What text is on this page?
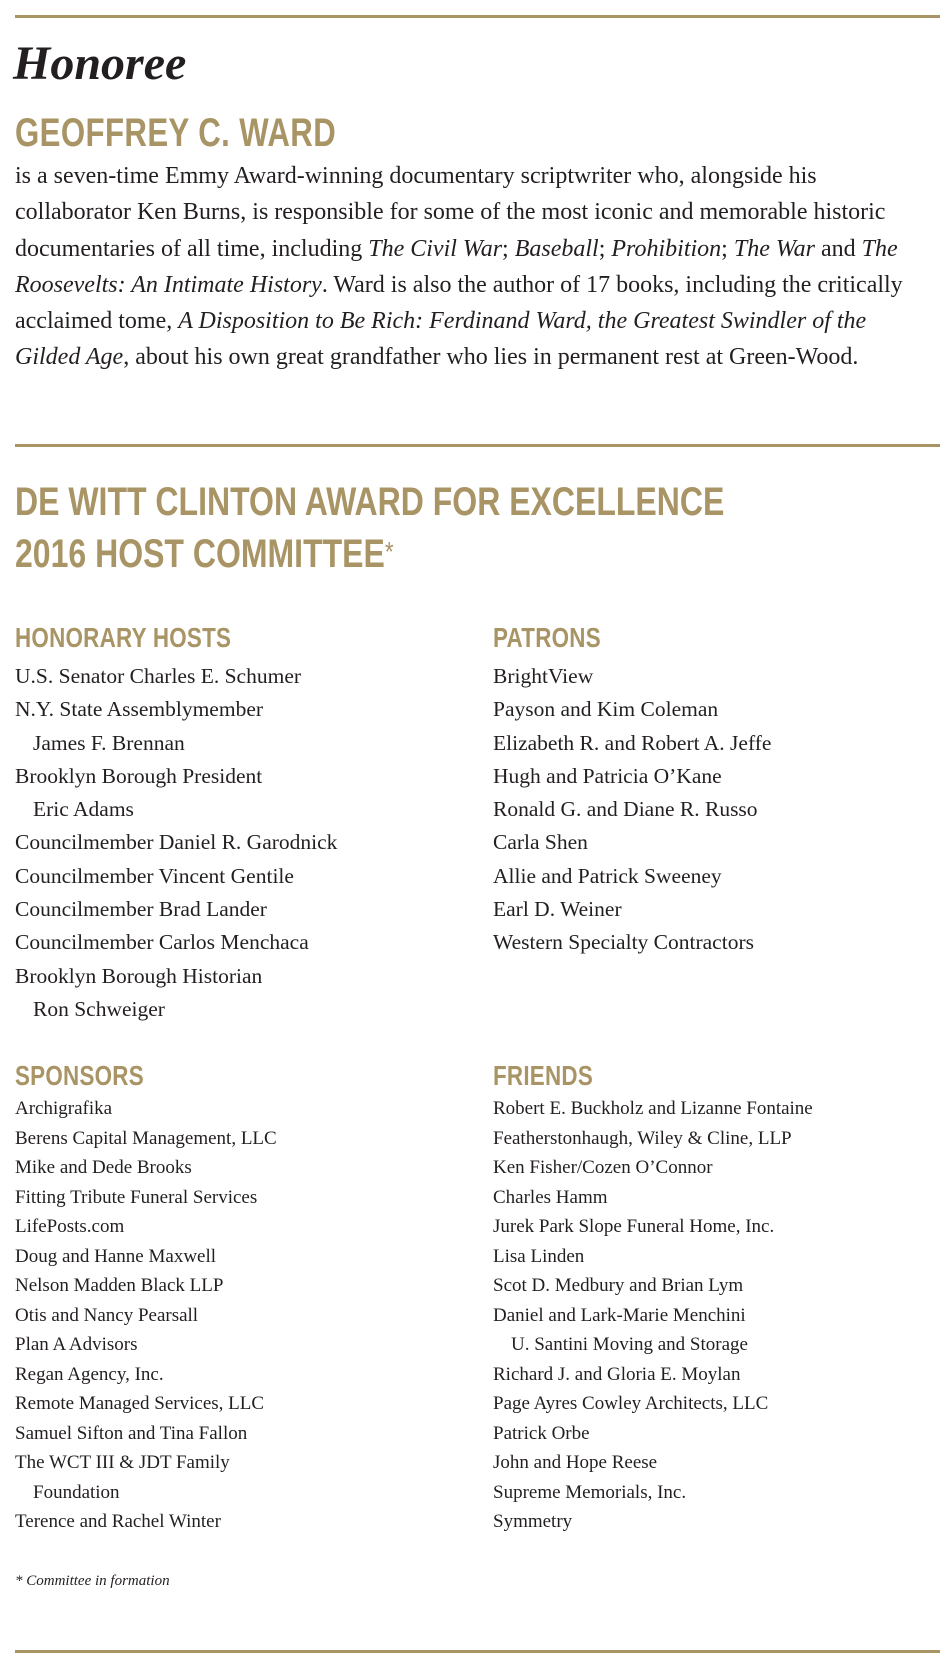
Honoree
GEOFFREY C. WARD

is a seven-time Emmy Award-winning documentary scriptwriter who, alongside his collaborator Ken Burns, is responsible for some of the most iconic and memorable historic documentaries of all time, including The Civil War; Baseball; Prohibition; The War and The Roosevelts: An Intimate History. Ward is also the author of 17 books, including the critically acclaimed tome, A Disposition to Be Rich: Ferdinand Ward, the Greatest Swindler of the Gilded Age, about his own great grandfather who lies in permanent rest at Green-Wood.

DE WITT CLINTON AWARD FOR EXCELLENCE
2016 HOST COMMITTEE*
HONORARY HOSTS
U.S. Senator Charles E. Schumer
N.Y. State Assemblymember
James F. Brennan
Brooklyn Borough President
Eric Adams
Councilmember Daniel R. Garodnick
Councilmember Vincent Gentile
Councilmember Brad Lander
Councilmember Carlos Menchaca
Brooklyn Borough Historian
Ron Schweiger
PATRONS
BrightView
Payson and Kim Coleman
Elizabeth R. and Robert A. Jeffe
Hugh and Patricia O’Kane
Ronald G. and Diane R. Russo
Carla Shen
Allie and Patrick Sweeney
Earl D. Weiner
Western Specialty Contractors
SPONSORS
Archigrafika
Berens Capital Management, LLC
Mike and Dede Brooks
Fitting Tribute Funeral Services
LifePosts.com
Doug and Hanne Maxwell
Nelson Madden Black LLP
Otis and Nancy Pearsall
Plan A Advisors
Regan Agency, Inc.
Remote Managed Services, LLC
Samuel Sifton and Tina Fallon
The WCT III & JDT Family
Foundation
Terence and Rachel Winter
FRIENDS
Robert E. Buckholz and Lizanne Fontaine
Featherstonhaugh, Wiley & Cline, LLP
Ken Fisher/Cozen O’Connor
Charles Hamm
Jurek Park Slope Funeral Home, Inc.
Lisa Linden
Scot D. Medbury and Brian Lym
Daniel and Lark-Marie Menchini
U. Santini Moving and Storage
Richard J. and Gloria E. Moylan
Page Ayres Cowley Architects, LLC
Patrick Orbe
John and Hope Reese
Supreme Memorials, Inc.
Symmetry

* Committee in formation
